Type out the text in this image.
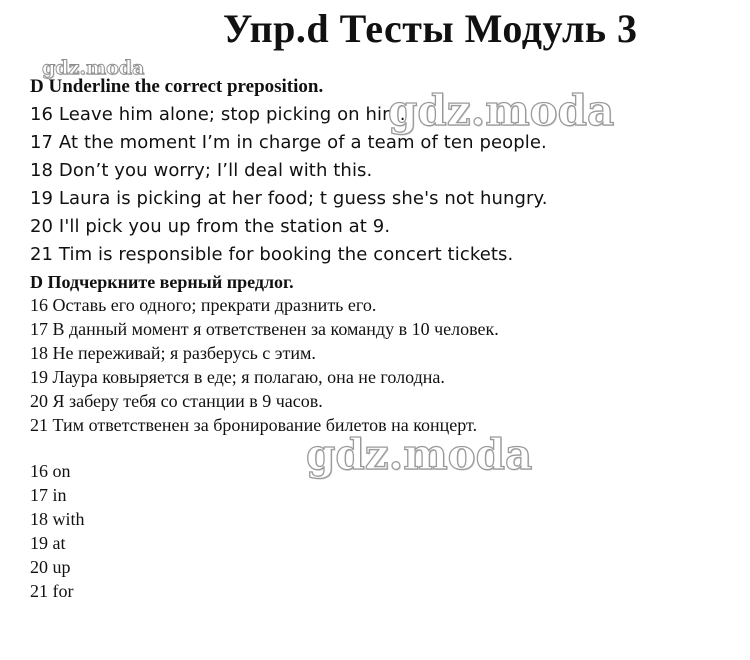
Упр.d Тесты Модуль 3
gdz.moda
D Underline the correct preposition.
16 Leave him alone; stop picking on him.
17 At the moment I’m in charge of a team of ten people.
18 Don’t you worry; I’ll deal with this.
19 Laura is picking at her food; t guess she's not hungry.
20 I'll pick you up from the station at 9.
21 Tim is responsible for booking the concert tickets.
gdz.moda
D Подчеркните верный предлог.
16 Оставь его одного; прекрати дразнить его.
17 В данный момент я ответственен за команду в 10 человек.
18 Не переживай; я разберусь с этим.
19 Лаура ковыряется в еде; я полагаю, она не голодна.
20 Я заберу тебя со станции в 9 часов.
21 Тим ответственен за бронирование билетов на концерт.
gdz.moda
16 on
17 in
18 with
19 at
20 up
21 for
